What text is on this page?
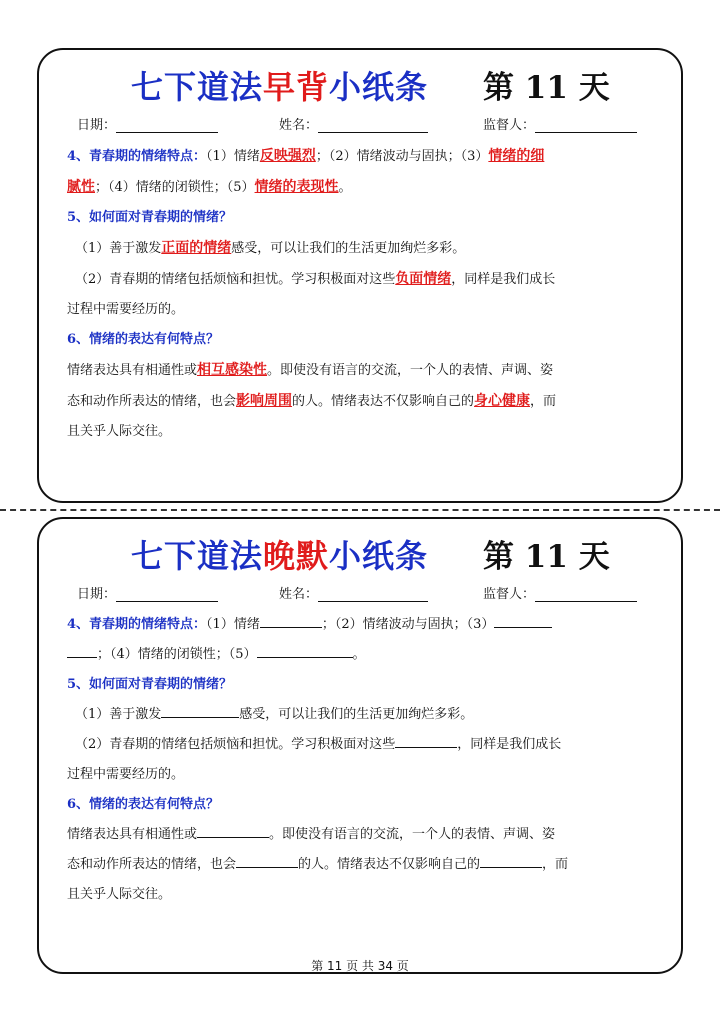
七下道法早背小纸条 第 11 天
日期：	姓名：	监督人：

4、青春期的情绪特点：（1）情绪反映强烈；（2）情绪波动与固执；（3）情绪的细
腻性；（4）情绪的闭锁性；（5）情绪的表现性。

5、如何面对青春期的情绪？

（1）善于激发正面的情绪感受，可以让我们的生活更加绚烂多彩。

（2）青春期的情绪包括烦恼和担忧。学习积极面对这些负面情绪，同样是我们成长

过程中需要经历的。

6、情绪的表达有何特点？

情绪表达具有相通性或相互感染性。即使没有语言的交流，一个人的表情、声调、姿
态和动作所表达的情绪，也会影响周围的人。情绪表达不仅影响自己的身心健康，而
且关乎人际交往。

七下道法晚默小纸条 第 11 天
日期：	姓名：	监督人：

4、青春期的情绪特点：（1）情绪	；（2）情绪波动与固执；（3）
；（4）情绪的闭锁性；（5）	。

5、如何面对青春期的情绪？

（1）善于激发	感受，可以让我们的生活更加绚烂多彩。

（2）青春期的情绪包括烦恼和担忧。学习积极面对这些	，同样是我们成长

过程中需要经历的。

6、情绪的表达有何特点？

情绪表达具有相通性或	。即使没有语言的交流，一个人的表情、声调、姿
态和动作所表达的情绪，也会	的人。情绪表达不仅影响自己的	，而
且关乎人际交往。

第 11 页 共 34 页
